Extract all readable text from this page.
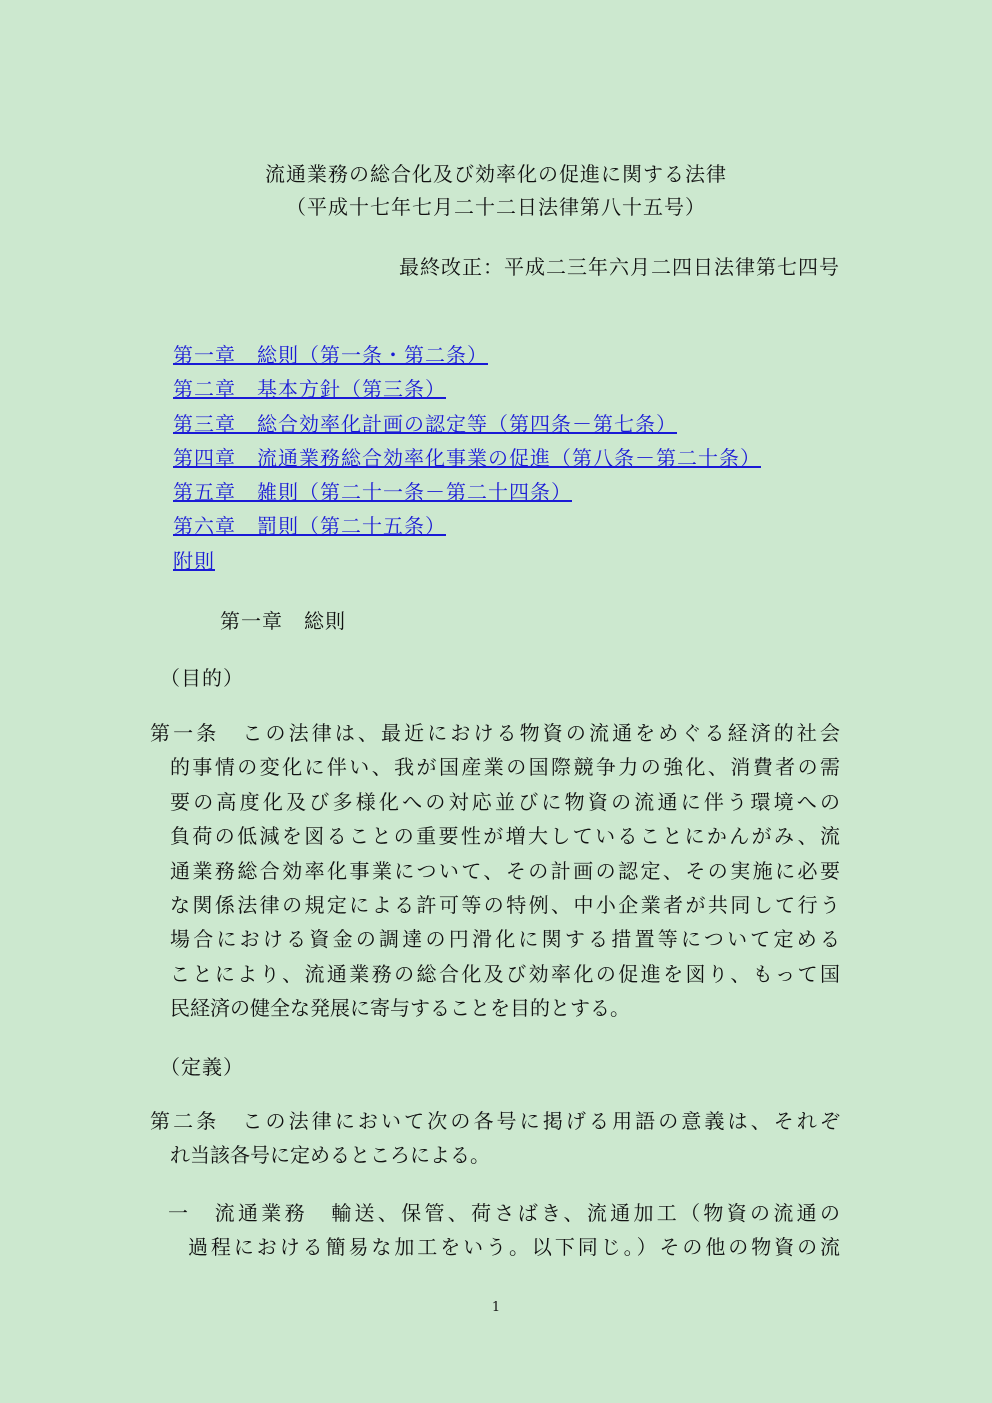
流通業務の総合化及び効率化の促進に関する法律
（平成十七年七月二十二日法律第八十五号）
最終改正：平成二三年六月二四日法律第七四号
第一章　総則（第一条・第二条）
第二章　基本方針（第三条）
第三章　総合効率化計画の認定等（第四条－第七条）
第四章　流通業務総合効率化事業の促進（第八条－第二十条）
第五章　雑則（第二十一条－第二十四条）
第六章　罰則（第二十五条）
附則
第一章　総則
（目的）
第一条　この法律は、最近における物資の流通をめぐる経済的社会
的事情の変化に伴い、我が国産業の国際競争力の強化、消費者の需
要の高度化及び多様化への対応並びに物資の流通に伴う環境への
負荷の低減を図ることの重要性が増大していることにかんがみ、流
通業務総合効率化事業について、その計画の認定、その実施に必要
な関係法律の規定による許可等の特例、中小企業者が共同して行う
場合における資金の調達の円滑化に関する措置等について定める
ことにより、流通業務の総合化及び効率化の促進を図り、もって国
民経済の健全な発展に寄与することを目的とする。
（定義）
第二条　この法律において次の各号に掲げる用語の意義は、それぞ
れ当該各号に定めるところによる。
一　流通業務　輸送、保管、荷さばき、流通加工（物資の流通の
過程における簡易な加工をいう。以下同じ。）その他の物資の流
1
